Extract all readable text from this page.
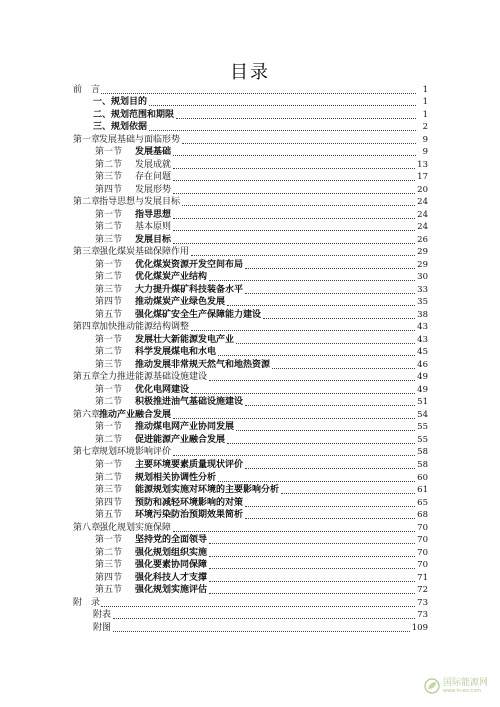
目录
前　言	1
一、规划目的	1
二、规划范围和期限	1
三、规划依据	2
第一章发展基础与面临形势	9
第一节 发展基础	9
第二节 发展成就	13
第三节 存在问题	17
第四节 发展形势	20
第二章指导思想与发展目标	24
第一节 指导思想	24
第二节 基本原则	24
第三节 发展目标	26
第三章强化煤炭基础保障作用	29
第一节 优化煤炭资源开发空间布局	29
第二节 优化煤炭产业结构	30
第三节 大力提升煤矿科技装备水平	33
第四节 推动煤炭产业绿色发展	35
第五节 强化煤矿安全生产保障能力建设	38
第四章加快推动能源结构调整	43
第一节 发展壮大新能源发电产业	43
第二节 科学发展煤电和水电	45
第三节 推动发展非常规天然气和地热资源	46
第五章全力推进能源基础设施建设	49
第一节 优化电网建设	49
第二节 积极推进油气基础设施建设	51
第六章推动产业融合发展	54
第一节 推动煤电网产业协同发展	55
第二节 促进能源产业融合发展	55
第七章规划环境影响评价	58
第一节 主要环境要素质量现状评价	58
第二节 规划相关协调性分析	60
第三节 能源规划实施对环境的主要影响分析	61
第四节 预防和减轻环境影响的对策	65
第五节 环境污染防治预期效果简析	68
第八章强化规划实施保障	70
第一节 坚持党的全面领导	70
第二节 强化规划组织实施	70
第三节 强化要素协同保障	70
第四节 强化科技人才支撑	71
第五节 强化规划实施评估	72
附　录	73
附表	73
附图	109
国际能源网
www.in-en.com
